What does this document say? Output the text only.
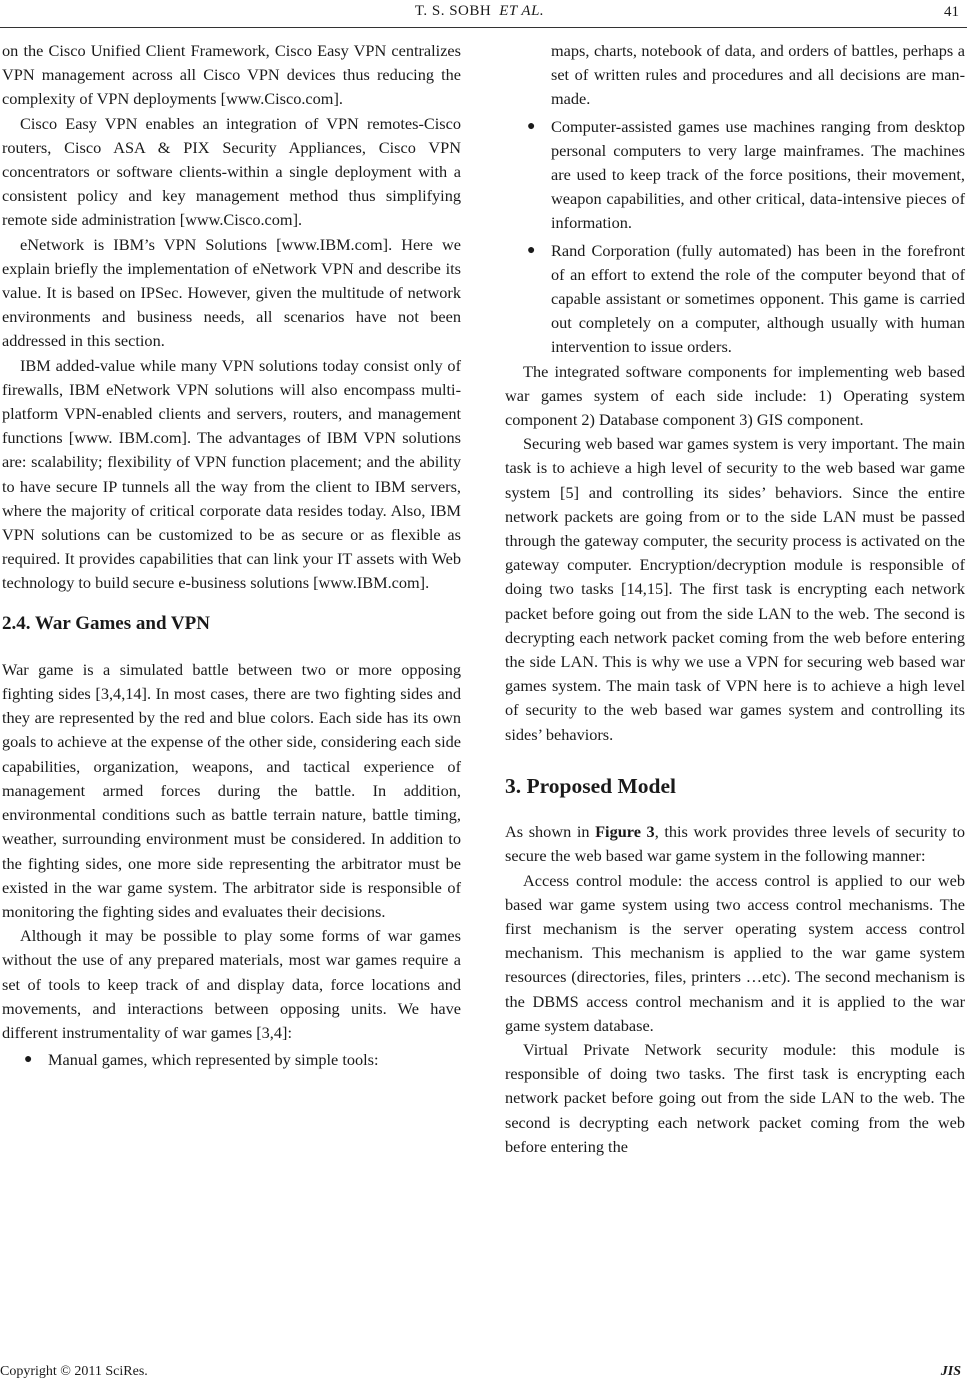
T. S. SOBH ET AL.	41

on the Cisco Unified Client Framework, Cisco Easy VPN centralizes VPN management across all Cisco VPN devices thus reducing the complexity of VPN deployments [www.Cisco.com].

Cisco Easy VPN enables an integration of VPN remotes-Cisco routers, Cisco ASA & PIX Security Appliances, Cisco VPN concentrators or software clients-within a single deployment with a consistent policy and key management method thus simplifying remote side administration [www.Cisco.com].

eNetwork is IBM’s VPN Solutions [www.IBM.com]. Here we explain briefly the implementation of eNetwork VPN and describe its value. It is based on IPSec. However, given the multitude of network environments and business needs, all scenarios have not been addressed in this section.

IBM added-value while many VPN solutions today consist only of firewalls, IBM eNetwork VPN solutions will also encompass multi-platform VPN-enabled clients and servers, routers, and management functions [www. IBM.com]. The advantages of IBM VPN solutions are: scalability; flexibility of VPN function placement; and the ability to have secure IP tunnels all the way from the client to IBM servers, where the majority of critical corporate data resides today. Also, IBM VPN solutions can be customized to be as secure or as flexible as required. It provides capabilities that can link your IT assets with Web technology to build secure e-business solutions [www.IBM.com].

2.4. War Games and VPN

War game is a simulated battle between two or more opposing fighting sides [3,4,14]. In most cases, there are two fighting sides and they are represented by the red and blue colors. Each side has its own goals to achieve at the expense of the other side, considering each side capabilities, organization, weapons, and tactical experience of management armed forces during the battle. In addition, environmental conditions such as battle terrain nature, battle timing, weather, surrounding environment must be considered. In addition to the fighting sides, one more side representing the arbitrator must be existed in the war game system. The arbitrator side is responsible of monitoring the fighting sides and evaluates their decisions.

Although it may be possible to play some forms of war games without the use of any prepared materials, most war games require a set of tools to keep track of and display data, force locations and movements, and interactions between opposing units. We have different instrumentality of war games [3,4]:

● Manual games, which represented by simple tools:
maps, charts, notebook of data, and orders of battles, perhaps a set of written rules and procedures and all decisions are man-made.
● Computer-assisted games use machines ranging from desktop personal computers to very large mainframes. The machines are used to keep track of the force positions, their movement, weapon capabilities, and other critical, data-intensive pieces of information.
● Rand Corporation (fully automated) has been in the forefront of an effort to extend the role of the computer beyond that of capable assistant or sometimes opponent. This game is carried out completely on a computer, although usually with human intervention to issue orders.

The integrated software components for implementing web based war games system of each side include: 1) Operating system component 2) Database component 3) GIS component.

Securing web based war games system is very important. The main task is to achieve a high level of security to the web based war game system [5] and controlling its sides’ behaviors. Since the entire network packets are going from or to the side LAN must be passed through the gateway computer, the security process is activated on the gateway computer. Encryption/decryption module is responsible of doing two tasks [14,15]. The first task is encrypting each network packet before going out from the side LAN to the web. The second is decrypting each network packet coming from the web before entering the side LAN. This is why we use a VPN for securing web based war games system. The main task of VPN here is to achieve a high level of security to the web based war games system and controlling its sides’ behaviors.

3. Proposed Model

As shown in Figure 3, this work provides three levels of security to secure the web based war game system in the following manner:

Access control module: the access control is applied to our web based war game system using two access control mechanisms. The first mechanism is the server operating system access control mechanism. This mechanism is applied to the war game system resources (directories, files, printers …etc). The second mechanism is the DBMS access control mechanism and it is applied to the war game system database.

Virtual Private Network security module: this module is responsible of doing two tasks. The first task is encrypting each network packet before going out from the side LAN to the web. The second is decrypting each network packet coming from the web before entering the

Copyright © 2011 SciRes.	JIS
